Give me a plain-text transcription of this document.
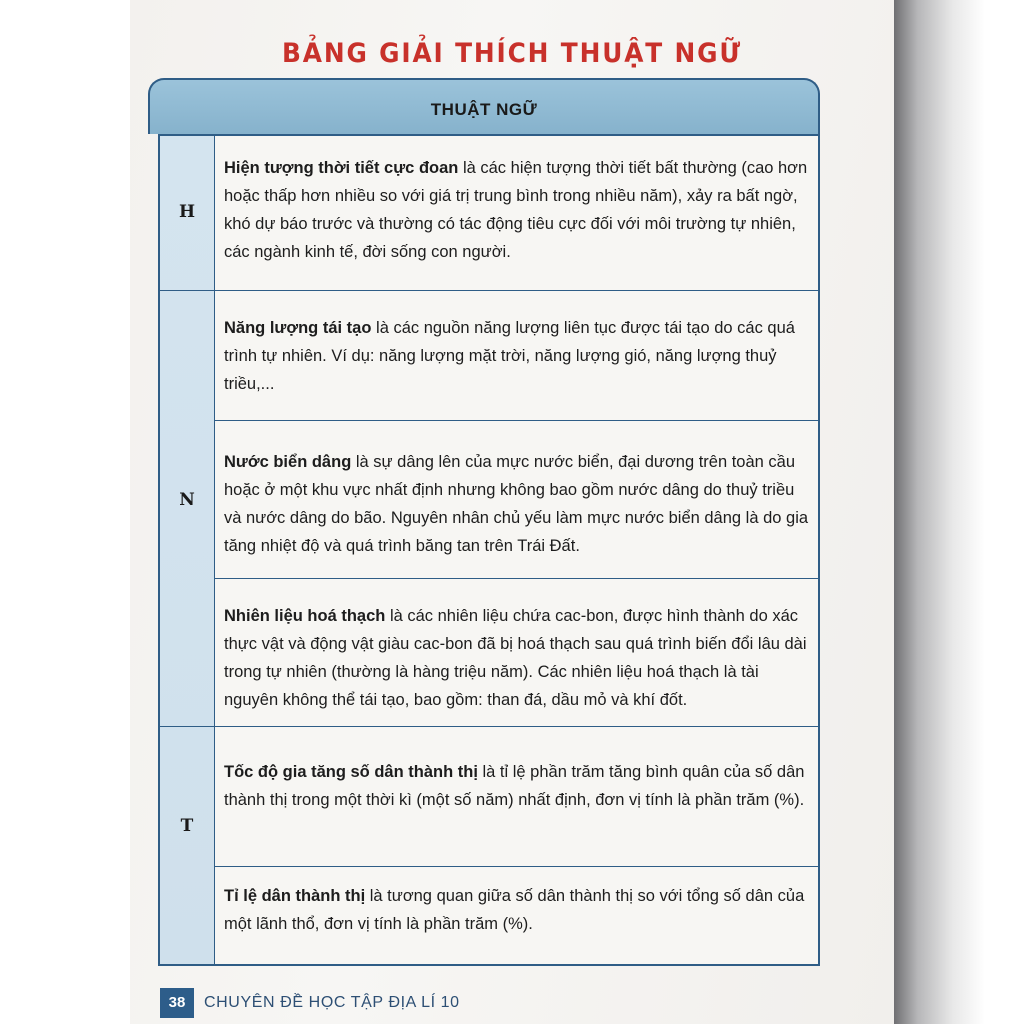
BẢNG GIẢI THÍCH THUẬT NGỮ
THUẬT NGỮ
H
N
T
Hiện tượng thời tiết cực đoan là các hiện tượng thời tiết bất thường (cao hơn hoặc thấp hơn nhiều so với giá trị trung bình trong nhiều năm), xảy ra bất ngờ, khó dự báo trước và thường có tác động tiêu cực đối với môi trường tự nhiên, các ngành kinh tế, đời sống con người.
Năng lượng tái tạo là các nguồn năng lượng liên tục được tái tạo do các quá trình tự nhiên. Ví dụ: năng lượng mặt trời, năng lượng gió, năng lượng thuỷ triều,...
Nước biển dâng là sự dâng lên của mực nước biển, đại dương trên toàn cầu hoặc ở một khu vực nhất định nhưng không bao gồm nước dâng do thuỷ triều và nước dâng do bão. Nguyên nhân chủ yếu làm mực nước biển dâng là do gia tăng nhiệt độ và quá trình băng tan trên Trái Đất.
Nhiên liệu hoá thạch là các nhiên liệu chứa cac-bon, được hình thành do xác thực vật và động vật giàu cac-bon đã bị hoá thạch sau quá trình biến đổi lâu dài trong tự nhiên (thường là hàng triệu năm). Các nhiên liệu hoá thạch là tài nguyên không thể tái tạo, bao gồm: than đá, dầu mỏ và khí đốt.
Tốc độ gia tăng số dân thành thị là tỉ lệ phần trăm tăng bình quân của số dân thành thị trong một thời kì (một số năm) nhất định, đơn vị tính là phần trăm (%).
Tỉ lệ dân thành thị là tương quan giữa số dân thành thị so với tổng số dân của một lãnh thổ, đơn vị tính là phần trăm (%).
38	CHUYÊN ĐỀ HỌC TẬP ĐỊA LÍ 10
